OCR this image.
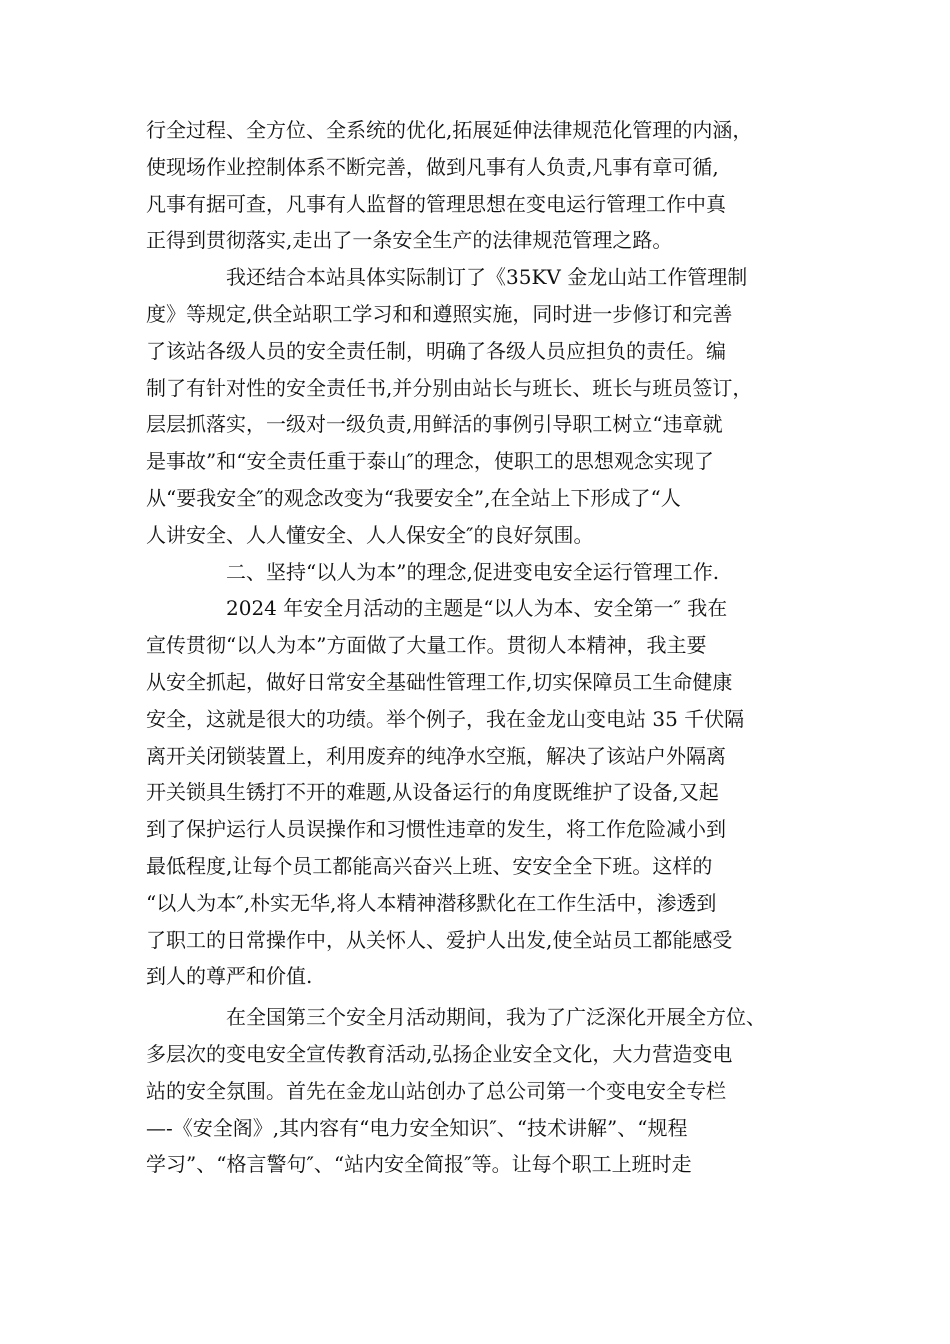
行全过程、全方位、全系统的优化,拓展延伸法律规范化管理的内涵，
使现场作业控制体系不断完善，做到凡事有人负责,凡事有章可循,
凡事有据可查，凡事有人监督的管理思想在变电运行管理工作中真
正得到贯彻落实,走出了一条安全生产的法律规范管理之路。

我还结合本站具体实际制订了《35KV 金龙山站工作管理制
度》等规定,供全站职工学习和和遵照实施，同时进一步修订和完善
了该站各级人员的安全责任制，明确了各级人员应担负的责任。编
制了有针对性的安全责任书,并分别由站长与班长、班长与班员签订，
层层抓落实，一级对一级负责,用鲜活的事例引导职工树立“违章就
是事故”和“安全责任重于泰山″的理念，使职工的思想观念实现了
从“要我安全″的观念改变为“我要安全”,在全站上下形成了“人
人讲安全、人人懂安全、人人保安全″的良好氛围。

二、坚持“以人为本”的理念,促进变电安全运行管理工作.

2024 年安全月活动的主题是“以人为本、安全第一″ 我在
宣传贯彻“以人为本”方面做了大量工作。贯彻人本精神，我主要
从安全抓起，做好日常安全基础性管理工作,切实保障员工生命健康
安全，这就是很大的功绩。举个例子，我在金龙山变电站 35 千伏隔
离开关闭锁装置上，利用废弃的纯净水空瓶，解决了该站户外隔离
开关锁具生锈打不开的难题,从设备运行的角度既维护了设备,又起
到了保护运行人员误操作和习惯性违章的发生，将工作危险减小到
最低程度,让每个员工都能高兴奋兴上班、安安全全下班。这样的
“以人为本″,朴实无华,将人本精神潜移默化在工作生活中，渗透到
了职工的日常操作中，从关怀人、爱护人出发,使全站员工都能感受
到人的尊严和价值.

在全国第三个安全月活动期间，我为了广泛深化开展全方位、
多层次的变电安全宣传教育活动,弘扬企业安全文化，大力营造变电
站的安全氛围。首先在金龙山站创办了总公司第一个变电安全专栏
—-《安全阁》,其内容有“电力安全知识″、“技术讲解”、“规程
学习”、“格言警句″、“站内安全简报″等。让每个职工上班时走
